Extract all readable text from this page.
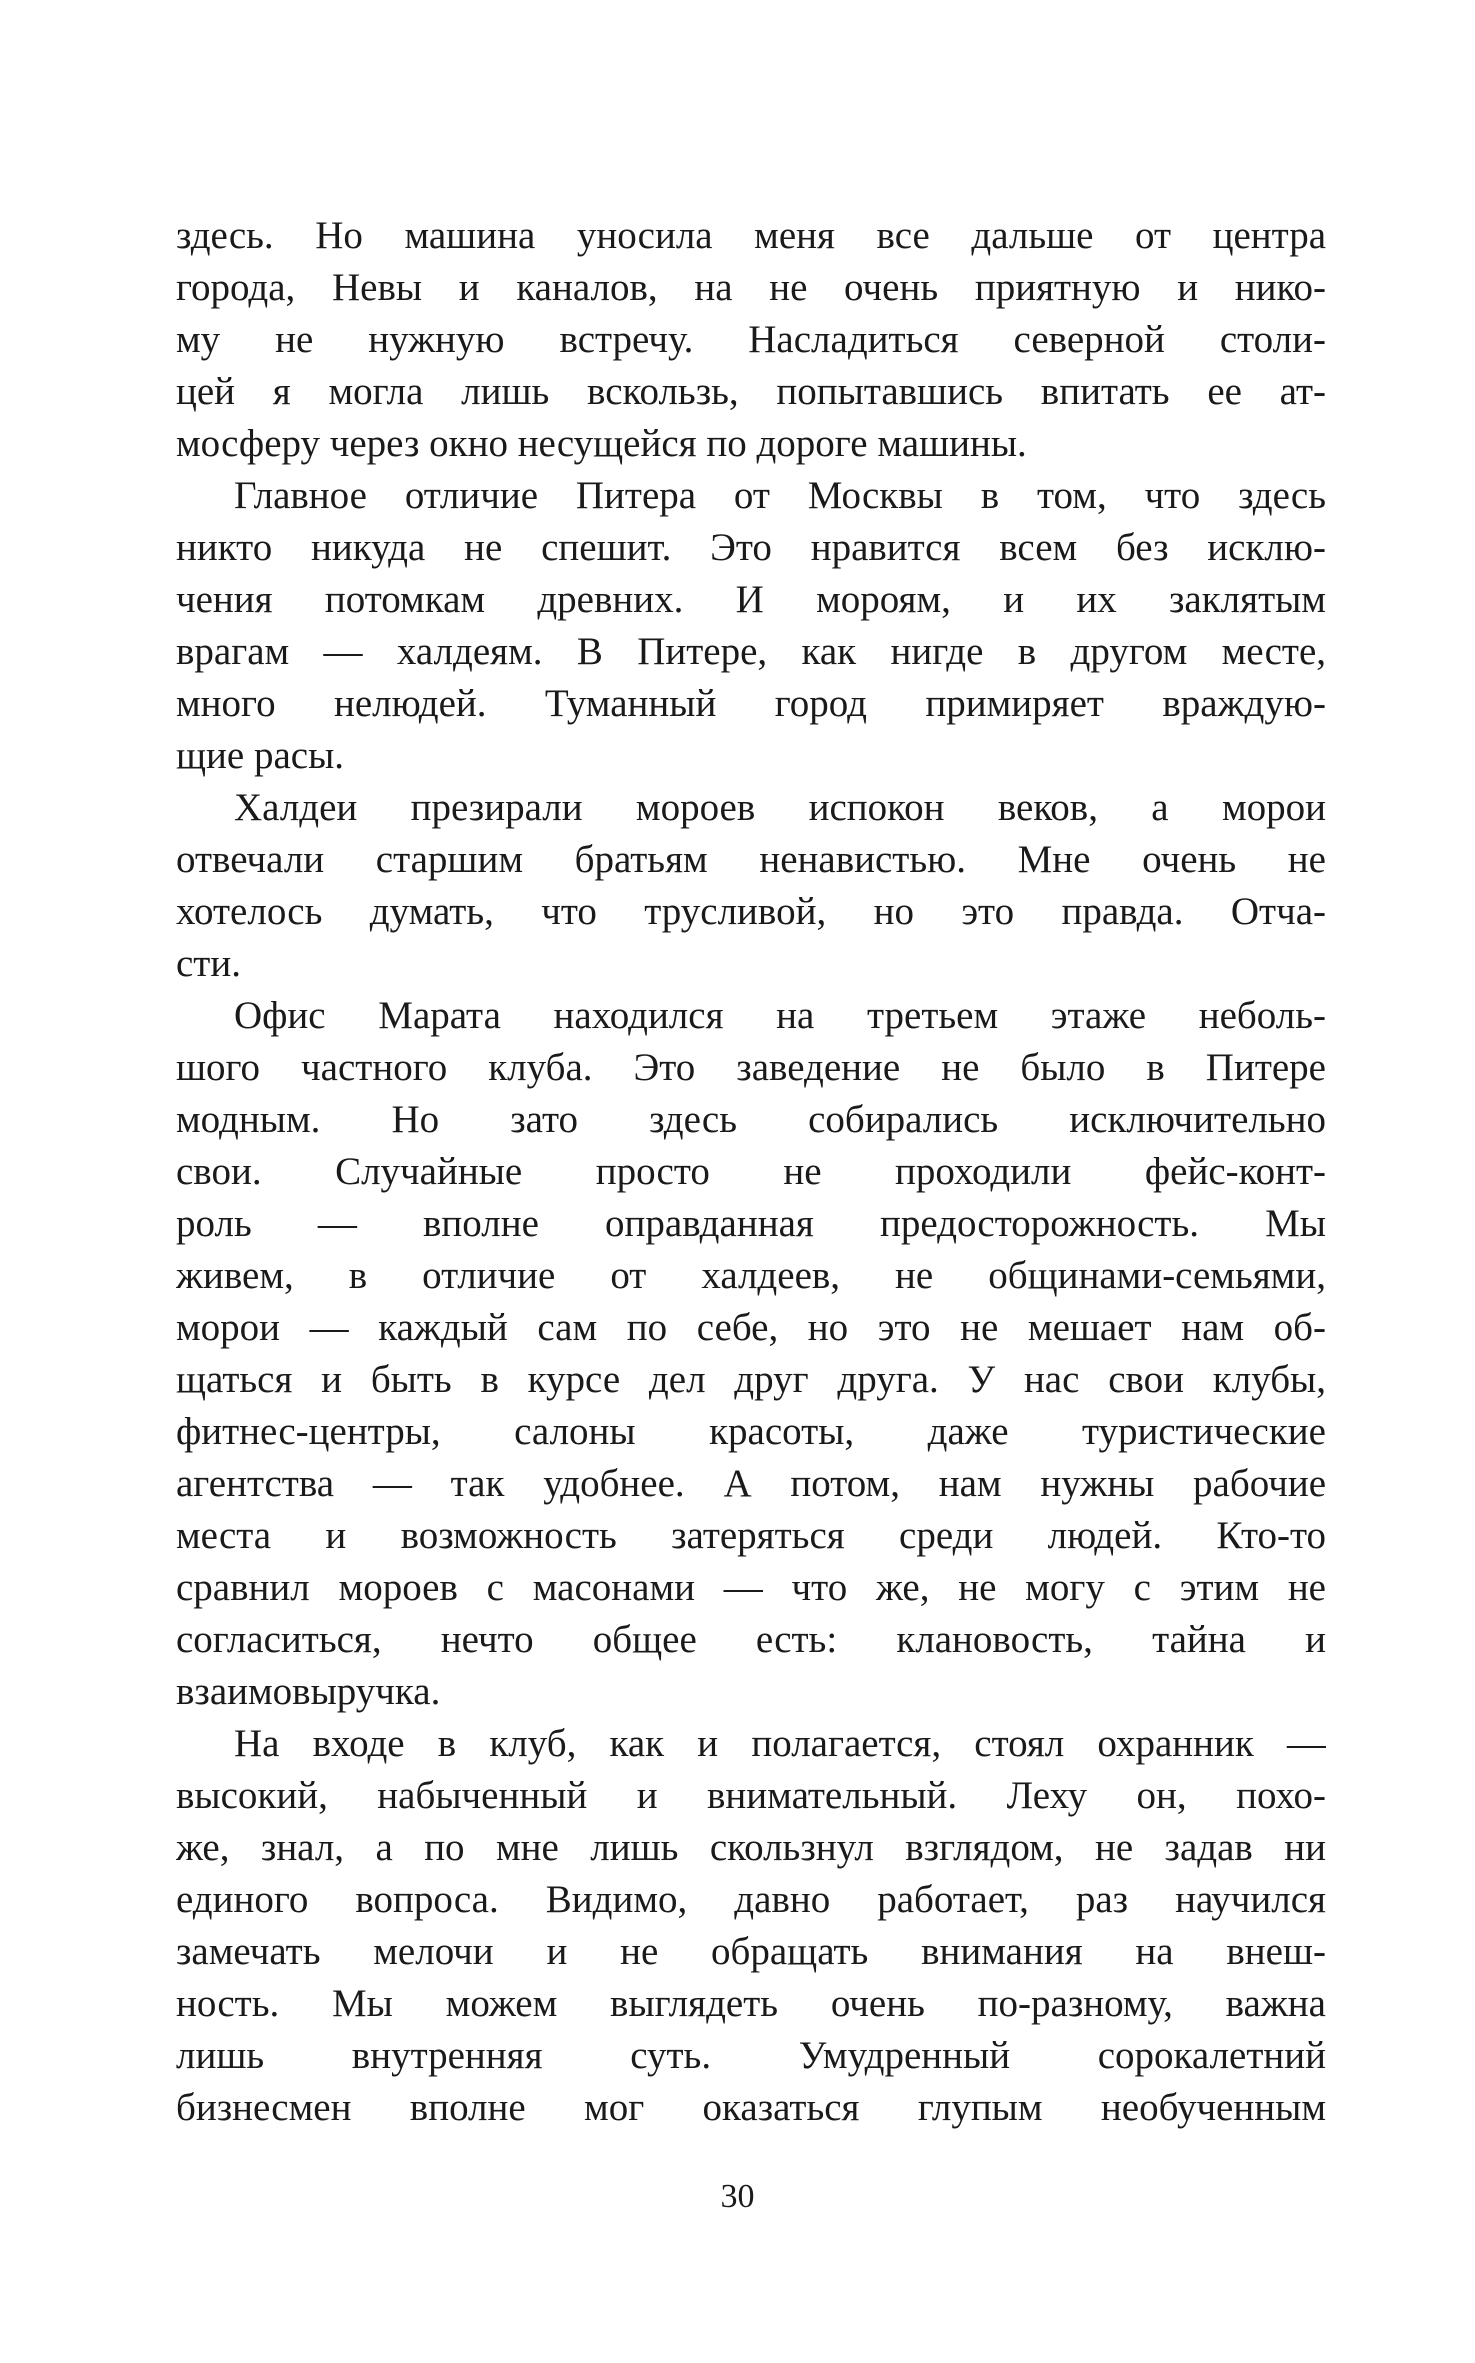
здесь. Но машина уносила меня все дальше от центра
города, Невы и каналов, на не очень приятную и нико-
му не нужную встречу. Насладиться северной столи-
цей я могла лишь вскользь, попытавшись впитать ее ат-
мосферу через окно несущейся по дороге машины.
Главное отличие Питера от Москвы в том, что здесь
никто никуда не спешит. Это нравится всем без исклю-
чения потомкам древних. И мороям, и их заклятым
врагам — халдеям. В Питере, как нигде в другом месте,
много нелюдей. Туманный город примиряет враждую-
щие расы.
Халдеи презирали мороев испокон веков, а морои
отвечали старшим братьям ненавистью. Мне очень не
хотелось думать, что трусливой, но это правда. Отча-
сти.
Офис Марата находился на третьем этаже неболь-
шого частного клуба. Это заведение не было в Питере
модным. Но зато здесь собирались исключительно
свои. Случайные просто не проходили фейс-конт-
роль — вполне оправданная предосторожность. Мы
живем, в отличие от халдеев, не общинами-семьями,
морои — каждый сам по себе, но это не мешает нам об-
щаться и быть в курсе дел друг друга. У нас свои клубы,
фитнес-центры, салоны красоты, даже туристические
агентства — так удобнее. А потом, нам нужны рабочие
места и возможность затеряться среди людей. Кто-то
сравнил мороев с масонами — что же, не могу с этим не
согласиться, нечто общее есть: клановость, тайна и
взаимовыручка.
На входе в клуб, как и полагается, стоял охранник —
высокий, набыченный и внимательный. Леху он, похо-
же, знал, а по мне лишь скользнул взглядом, не задав ни
единого вопроса. Видимо, давно работает, раз научился
замечать мелочи и не обращать внимания на внеш-
ность. Мы можем выглядеть очень по-разному, важна
лишь внутренняя суть. Умудренный сорокалетний
бизнесмен вполне мог оказаться глупым необученным
30
